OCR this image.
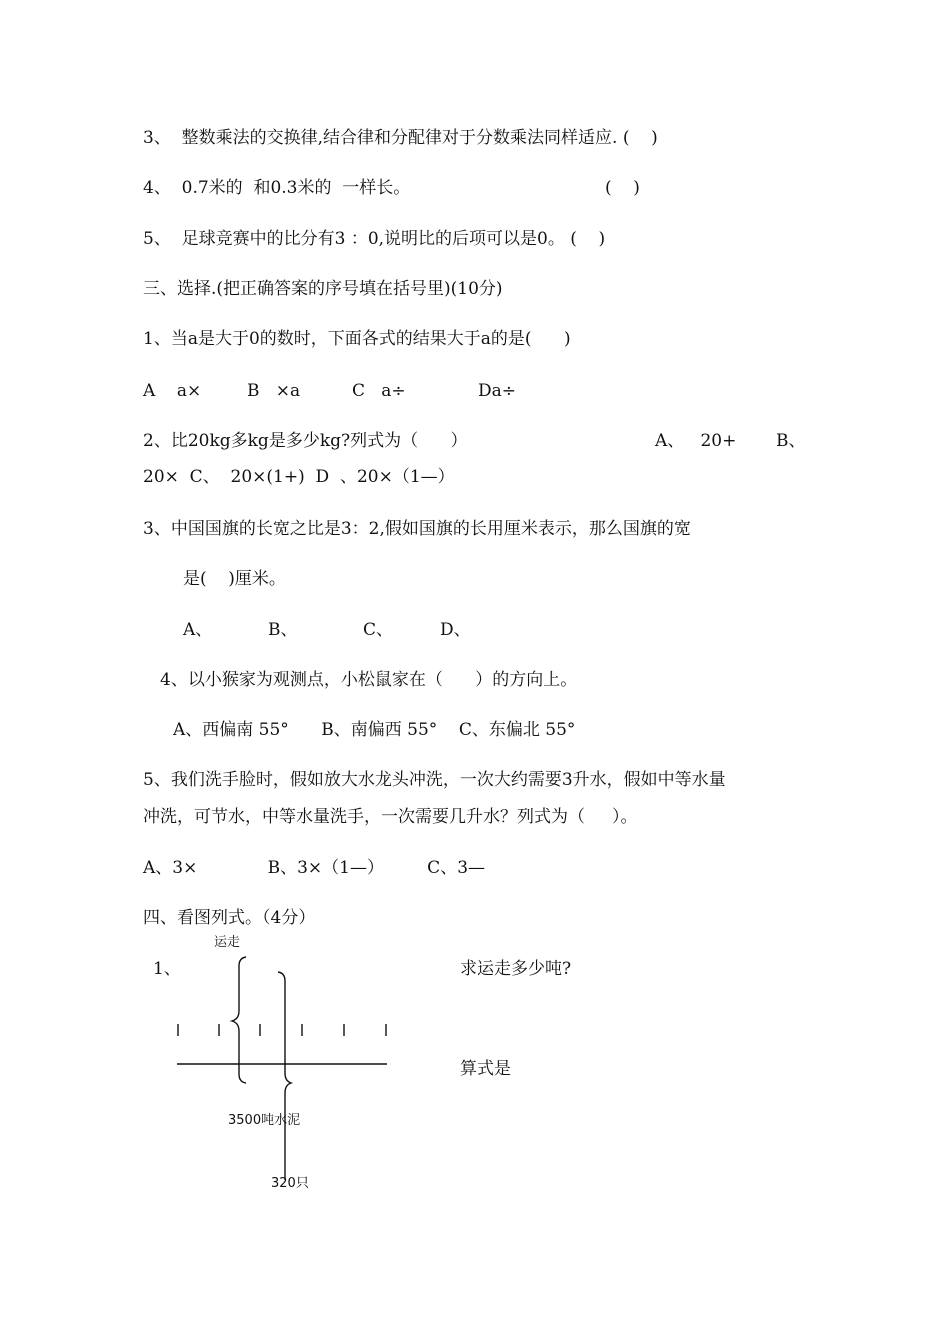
3、  整数乘法的交换律,结合律和分配律对于分数乘法同样适应. (    )
4、  0.7米的  和0.3米的  一样长。	(    )
5、  足球竞赛中的比分有3 ：0,说明比的后项可以是0。 (    )
三、选择.(把正确答案的序号填在括号里)(10分)
1、当a是大于0的数时，下面各式的结果大于a的是(      )
A    a×	B   ×a	C   a÷	Da÷
2、比20kg多kg是多少kg?列式为（      ）	A、   20+ B、
20×  C、  20×(1+)  D  、20×（1—）
3、中国国旗的长宽之比是3：2,假如国旗的长用厘米表示，那么国旗的宽
是(    )厘米。
A、	B、	C、	D、
4、以小猴家为观测点，小松鼠家在（      ）的方向上。
A、西偏南 55°      B、南偏西 55°    C、东偏北 55°
5、我们洗手脸时，假如放大水龙头冲洗，一次大约需要3升水，假如中等水量
冲洗，可节水，中等水量洗手，一次需要几升水？列式为（     ）。
A、3×             B、3×（1—）        C、3—
四、看图列式。（4分）
1、
运走
求运走多少吨?
算式是
3500吨水泥
320只
